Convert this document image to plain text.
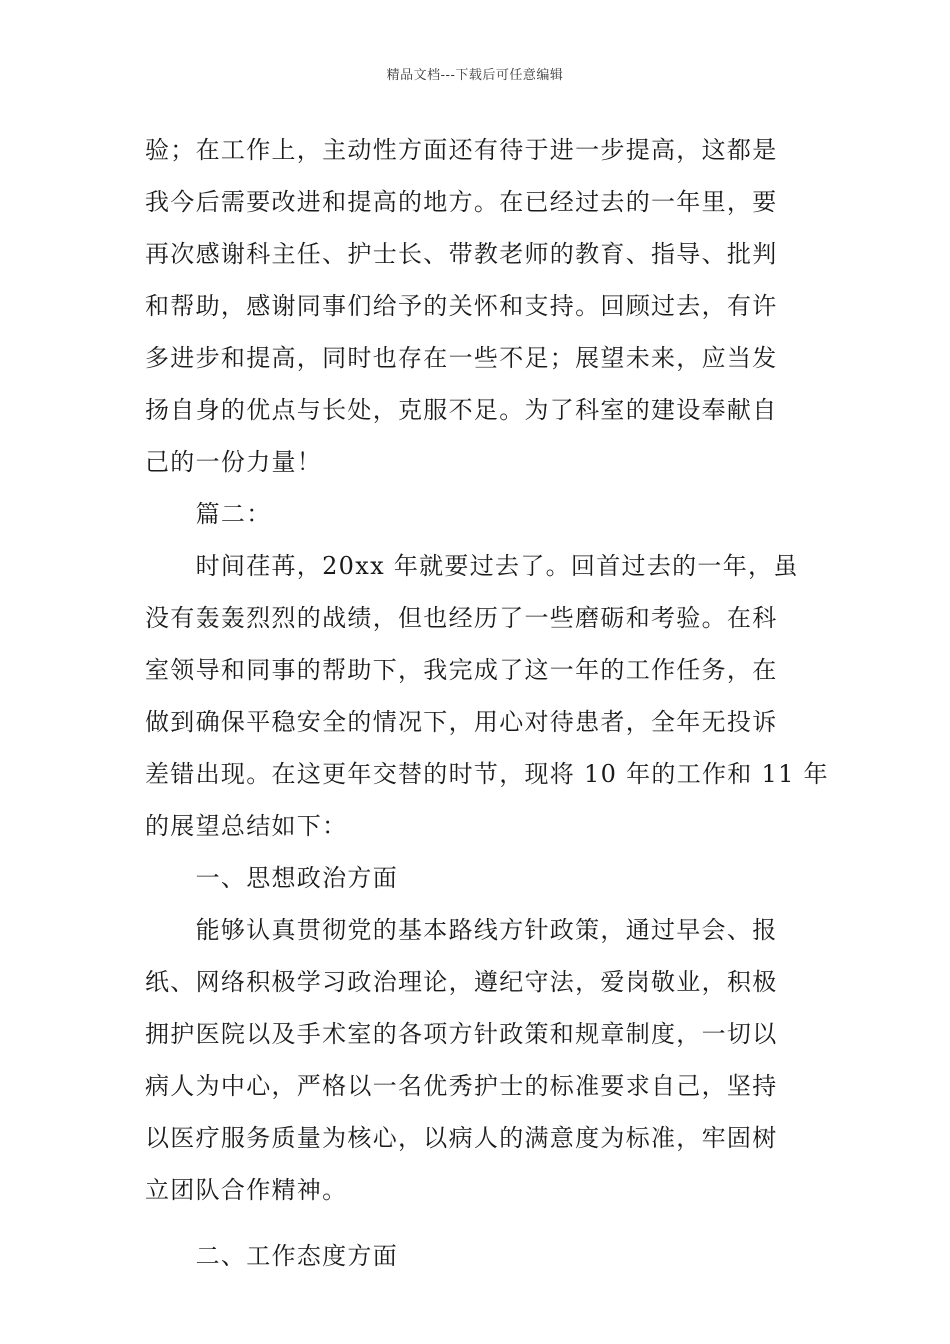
精品文档---下载后可任意编辑
验；在工作上，主动性方面还有待于进一步提高，这都是
我今后需要改进和提高的地方。在已经过去的一年里，要
再次感谢科主任、护士长、带教老师的教育、指导、批判
和帮助，感谢同事们给予的关怀和支持。回顾过去，有许
多进步和提高，同时也存在一些不足；展望未来，应当发
扬自身的优点与长处，克服不足。为了科室的建设奉献自
己的一份力量！
　　篇二：
　　时间荏苒，20xx 年就要过去了。回首过去的一年，虽
没有轰轰烈烈的战绩，但也经历了一些磨砺和考验。在科
室领导和同事的帮助下，我完成了这一年的工作任务，在
做到确保平稳安全的情况下，用心对待患者，全年无投诉
差错出现。在这更年交替的时节，现将 10 年的工作和 11 年
的展望总结如下：
　　一、思想政治方面
　　能够认真贯彻党的基本路线方针政策，通过早会、报
纸、网络积极学习政治理论，遵纪守法，爱岗敬业，积极
拥护医院以及手术室的各项方针政策和规章制度，一切以
病人为中心，严格以一名优秀护士的标准要求自己，坚持
以医疗服务质量为核心，以病人的满意度为标准，牢固树
立团队合作精神。
　　二、工作态度方面
